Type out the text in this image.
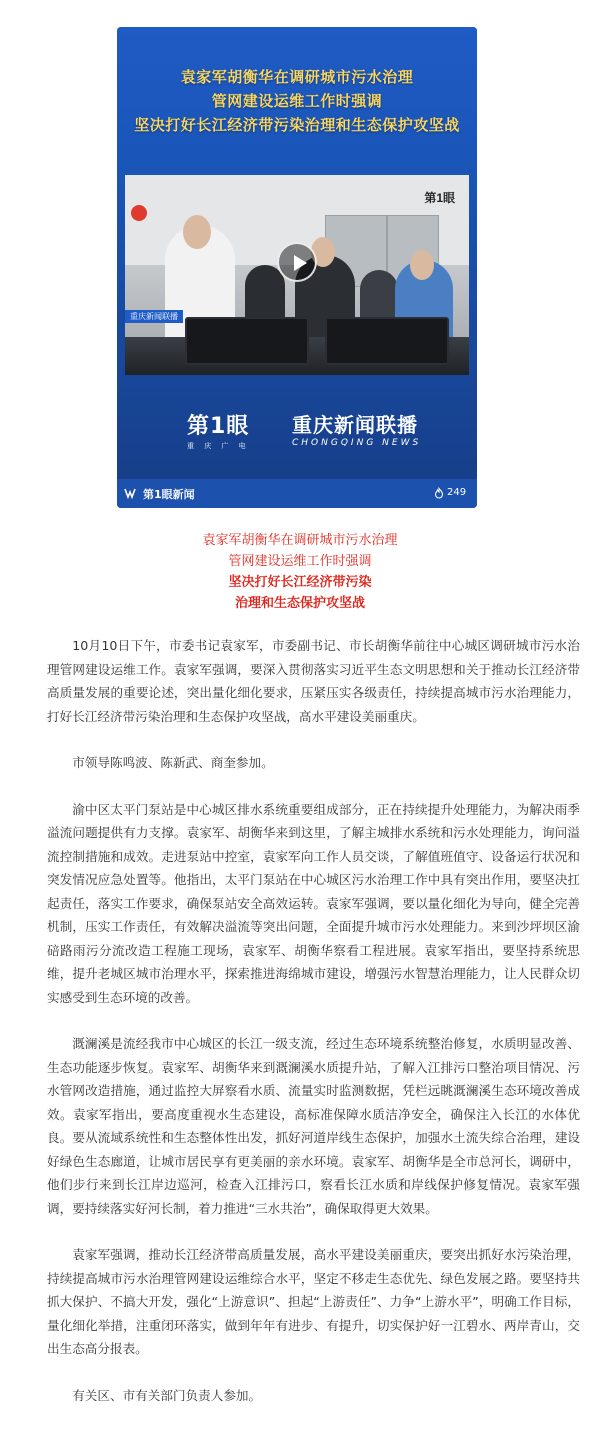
袁家军胡衡华在调研城市污水治理
管网建设运维工作时强调
坚决打好长江经济带污染治理和生态保护攻坚战
第1眼
重庆新闻联播
第1眼
重 庆 广 电
重庆新闻联播
CHONGQING NEWS
第1眼新闻	249
袁家军胡衡华在调研城市污水治理
管网建设运维工作时强调
坚决打好长江经济带污染
治理和生态保护攻坚战

10月10日下午，市委书记袁家军，市委副书记、市长胡衡华前往中心城区调研城市污水治理管网建设运维工作。袁家军强调，要深入贯彻落实习近平生态文明思想和关于推动长江经济带高质量发展的重要论述，突出量化细化要求，压紧压实各级责任，持续提高城市污水治理能力，打好长江经济带污染治理和生态保护攻坚战，高水平建设美丽重庆。

市领导陈鸣波、陈新武、商奎参加。

渝中区太平门泵站是中心城区排水系统重要组成部分，正在持续提升处理能力，为解决雨季溢流问题提供有力支撑。袁家军、胡衡华来到这里，了解主城排水系统和污水处理能力，询问溢流控制措施和成效。走进泵站中控室，袁家军向工作人员交谈，了解值班值守、设备运行状况和突发情况应急处置等。他指出，太平门泵站在中心城区污水治理工作中具有突出作用，要坚决扛起责任，落实工作要求，确保泵站安全高效运转。袁家军强调，要以量化细化为导向，健全完善机制，压实工作责任，有效解决溢流等突出问题，全面提升城市污水处理能力。来到沙坪坝区渝碚路雨污分流改造工程施工现场，袁家军、胡衡华察看工程进展。袁家军指出，要坚持系统思维，提升老城区城市治理水平，探索推进海绵城市建设，增强污水智慧治理能力，让人民群众切实感受到生态环境的改善。

溉澜溪是流经我市中心城区的长江一级支流，经过生态环境系统整治修复，水质明显改善、生态功能逐步恢复。袁家军、胡衡华来到溉澜溪水质提升站，了解入江排污口整治项目情况、污水管网改造措施，通过监控大屏察看水质、流量实时监测数据，凭栏远眺溉澜溪生态环境改善成效。袁家军指出，要高度重视水生态建设，高标准保障水质洁净安全，确保注入长江的水体优良。要从流域系统性和生态整体性出发，抓好河道岸线生态保护，加强水土流失综合治理，建设好绿色生态廊道，让城市居民享有更美丽的亲水环境。袁家军、胡衡华是全市总河长，调研中，他们步行来到长江岸边巡河，检查入江排污口，察看长江水质和岸线保护修复情况。袁家军强调，要持续落实好河长制，着力推进“三水共治”，确保取得更大效果。

袁家军强调，推动长江经济带高质量发展，高水平建设美丽重庆，要突出抓好水污染治理，持续提高城市污水治理管网建设运维综合水平，坚定不移走生态优先、绿色发展之路。要坚持共抓大保护、不搞大开发，强化“上游意识”、担起“上游责任”、力争“上游水平”，明确工作目标，量化细化举措，注重闭环落实，做到年年有进步、有提升，切实保护好一江碧水、两岸青山，交出生态高分报表。

有关区、市有关部门负责人参加。
